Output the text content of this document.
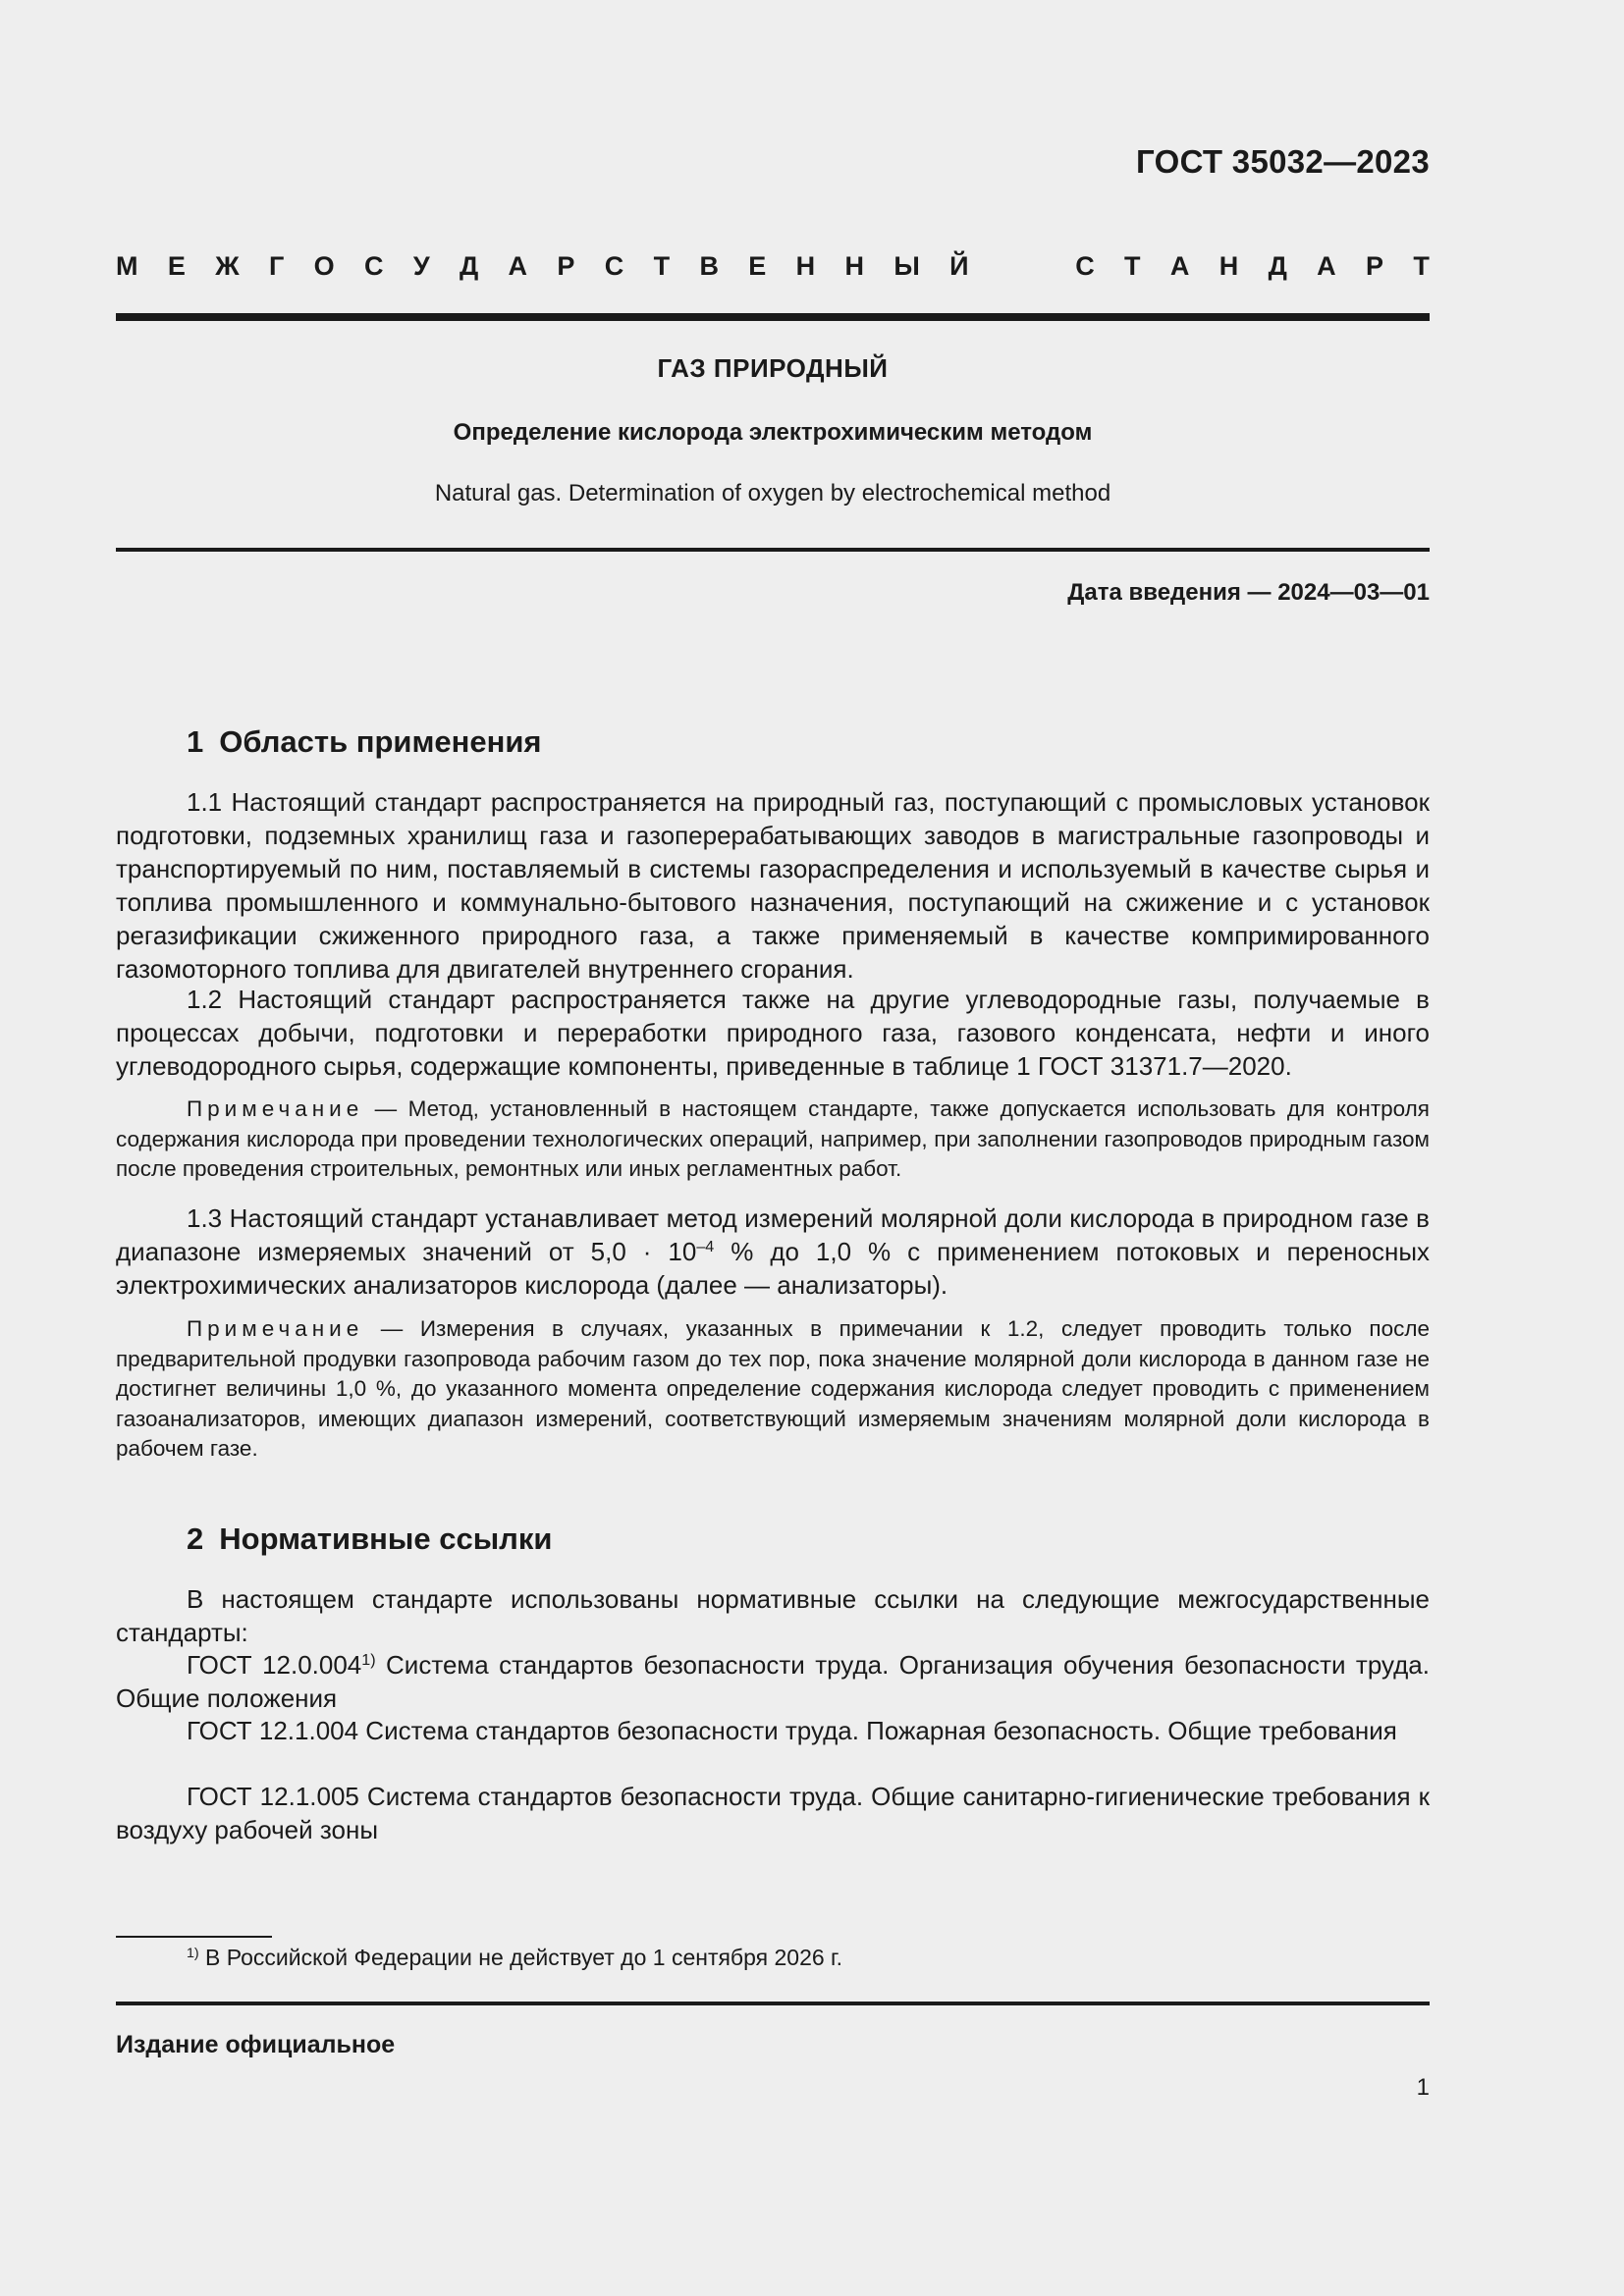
ГОСТ 35032—2023
М Е Ж Г О С У Д А Р С Т В Е Н Н Ы Й	С Т А Н Д А Р Т
ГАЗ ПРИРОДНЫЙ
Определение кислорода электрохимическим методом
Natural gas. Determination of oxygen by electrochemical method
Дата введения — 2024—03—01
1 Область применения
1.1 Настоящий стандарт распространяется на природный газ, поступающий с промысловых установок подготовки, подземных хранилищ газа и газоперерабатывающих заводов в магистральные газопроводы и транспортируемый по ним, поставляемый в системы газораспределения и используемый в качестве сырья и топлива промышленного и коммунально-бытового назначения, поступающий на сжижение и с установок регазификации сжиженного природного газа, а также применяемый в качестве компримированного газомоторного топлива для двигателей внутреннего сгорания.
1.2 Настоящий стандарт распространяется также на другие углеводородные газы, получаемые в процессах добычи, подготовки и переработки природного газа, газового конденсата, нефти и иного углеводородного сырья, содержащие компоненты, приведенные в таблице 1 ГОСТ 31371.7—2020.
Примечание — Метод, установленный в настоящем стандарте, также допускается использовать для контроля содержания кислорода при проведении технологических операций, например, при заполнении газопроводов природным газом после проведения строительных, ремонтных или иных регламентных работ.
1.3 Настоящий стандарт устанавливает метод измерений молярной доли кислорода в природном газе в диапазоне измеряемых значений от $5,0 \cdot 10^{-4}$ % до 1,0 % с применением потоковых и переносных электрохимических анализаторов кислорода (далее — анализаторы).
Примечание — Измерения в случаях, указанных в примечании к 1.2, следует проводить только после предварительной продувки газопровода рабочим газом до тех пор, пока значение молярной доли кислорода в данном газе не достигнет величины 1,0 %, до указанного момента определение содержания кислорода следует проводить с применением газоанализаторов, имеющих диапазон измерений, соответствующий измеряемым значениям молярной доли кислорода в рабочем газе.
2 Нормативные ссылки
В настоящем стандарте использованы нормативные ссылки на следующие межгосударственные стандарты:
ГОСТ 12.0.004$^{1)}$ Система стандартов безопасности труда. Организация обучения безопасности труда. Общие положения
ГОСТ 12.1.004 Система стандартов безопасности труда. Пожарная безопасность. Общие требования
ГОСТ 12.1.005 Система стандартов безопасности труда. Общие санитарно-гигиенические требования к воздуху рабочей зоны
$^{1)}$ В Российской Федерации не действует до 1 сентября 2026 г.
Издание официальное
1
